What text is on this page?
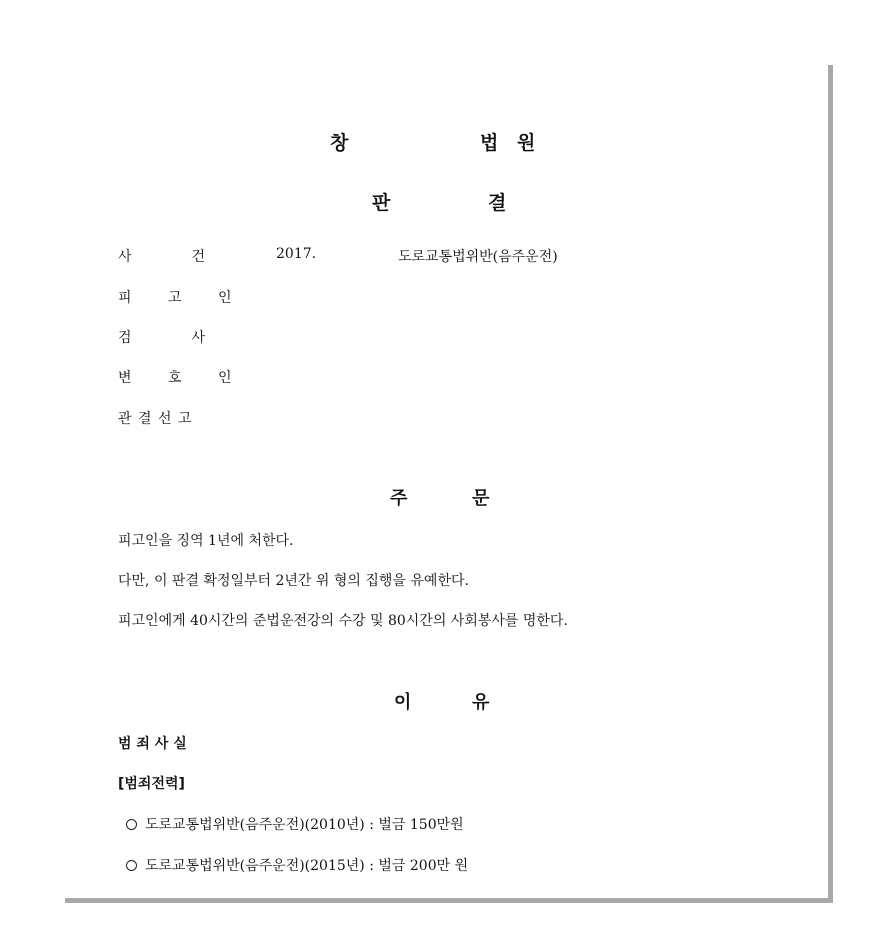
창	법 원
판	결
사	건	2017.	도로교통법위반(음주운전)
피 고 인
검	사
변 호 인
관 결 선 고
주	문
피고인을 징역 1년에 처한다.
다만, 이 판결 확정일부터 2년간 위 형의 집행을 유예한다.
피고인에게 40시간의 준법운전강의 수강 및 80시간의 사회봉사를 명한다.
이	유
범 죄 사 실
[범죄전력]
도로교통법위반(음주운전)(2010년) : 벌금 150만원
도로교통법위반(음주운전)(2015년) : 벌금 200만 원
